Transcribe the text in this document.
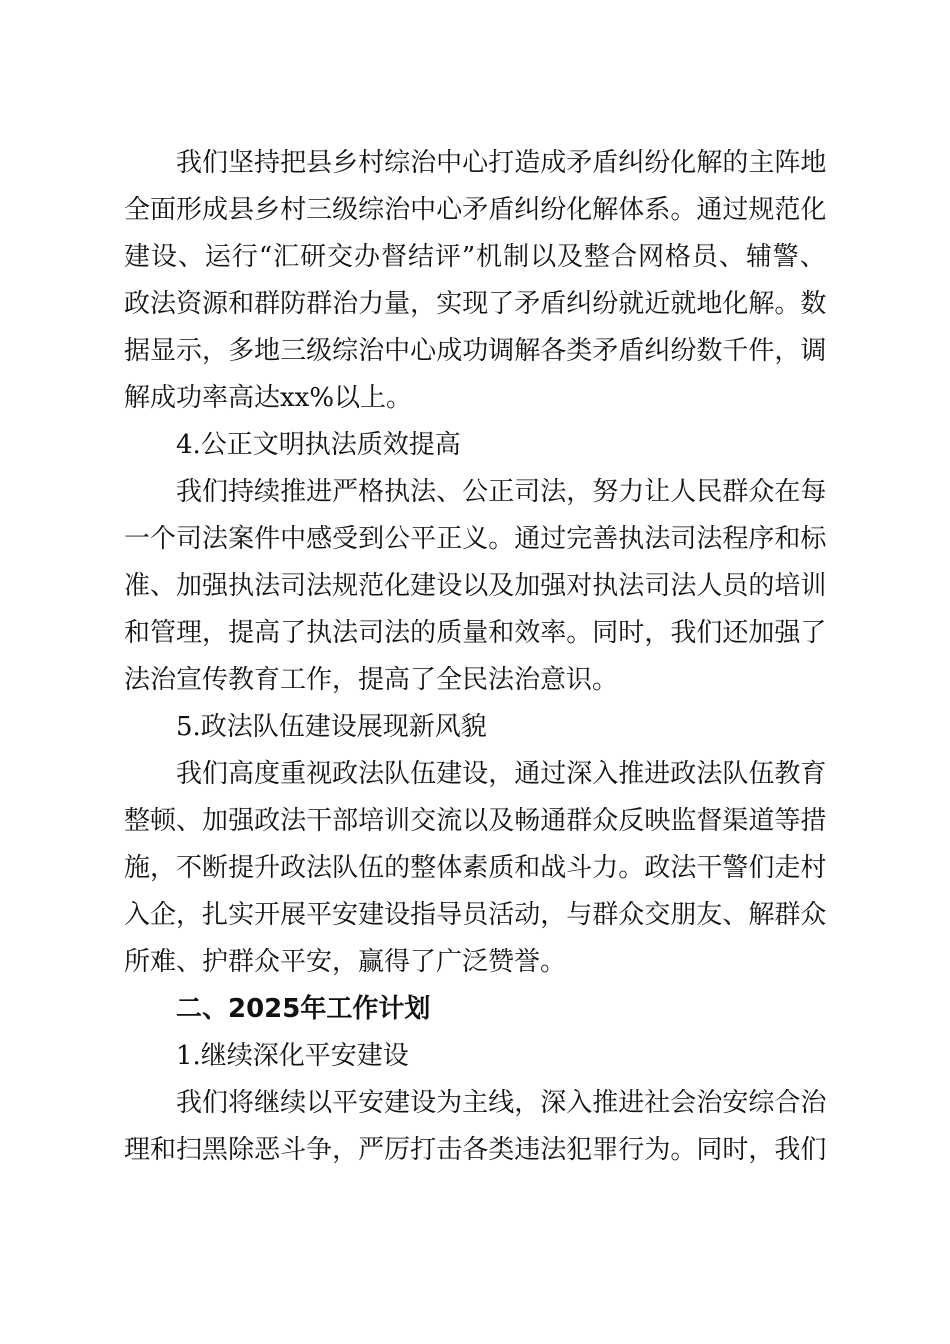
我 们 坚 持 把 县 乡 村 综 治 中 心 打 造 成 矛 盾 纠 纷 化 解 的 主 阵 地
全 面 形 成 县 乡 村 三 级 综 治 中 心 矛 盾 纠 纷 化 解 体 系 。 通 过 规 范 化
建 设 、 运 行 “ 汇 研 交 办 督 结 评 ” 机 制 以 及 整 合 网 格 员 、 辅 警 、
政 法 资 源 和 群 防 群 治 力 量 ， 实 现 了 矛 盾 纠 纷 就 近 就 地 化 解 。 数
据 显 示 ， 多 地 三 级 综 治 中 心 成 功 调 解 各 类 矛 盾 纠 纷 数 千 件 ， 调
解成功率高达xx%以上。
4.公正文明执法质效提高
我 们 持 续 推 进 严 格 执 法 、 公 正 司 法 ， 努 力 让 人 民 群 众 在 每
一 个 司 法 案 件 中 感 受 到 公 平 正 义 。 通 过 完 善 执 法 司 法 程 序 和 标
准 、 加 强 执 法 司 法 规 范 化 建 设 以 及 加 强 对 执 法 司 法 人 员 的 培 训
和 管 理 ， 提 高 了 执 法 司 法 的 质 量 和 效 率 。 同 时 ， 我 们 还 加 强 了
法治宣传教育工作，提高了全民法治意识。
5.政法队伍建设展现新风貌
我 们 高 度 重 视 政 法 队 伍 建 设 ， 通 过 深 入 推 进 政 法 队 伍 教 育
整 顿 、 加 强 政 法 干 部 培 训 交 流 以 及 畅 通 群 众 反 映 监 督 渠 道 等 措
施 ， 不 断 提 升 政 法 队 伍 的 整 体 素 质 和 战 斗 力 。 政 法 干 警 们 走 村
入 企 ， 扎 实 开 展 平 安 建 设 指 导 员 活 动 ， 与 群 众 交 朋 友 、 解 群 众
所难、护群众平安，赢得了广泛赞誉。
二、2025年工作计划
1.继续深化平安建设
我 们 将 继 续 以 平 安 建 设 为 主 线 ， 深 入 推 进 社 会 治 安 综 合 治
理 和 扫 黑 除 恶 斗 争 ， 严 厉 打 击 各 类 违 法 犯 罪 行 为 。 同 时 ， 我 们
